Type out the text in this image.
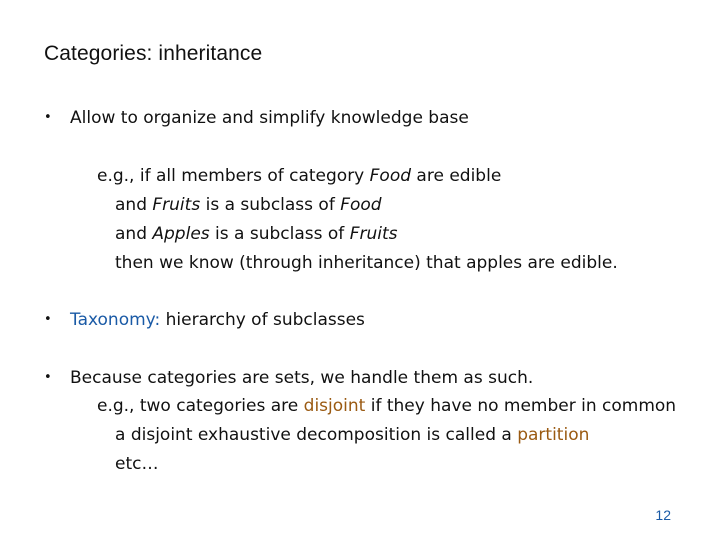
Categories: inheritance
• Allow to organize and simplify knowledge base
e.g., if all members of category Food are edible
and Fruits is a subclass of Food
and Apples is a subclass of Fruits
then we know (through inheritance) that apples are edible.
• Taxonomy: hierarchy of subclasses
• Because categories are sets, we handle them as such.
e.g., two categories are disjoint if they have no member in common
a disjoint exhaustive decomposition is called a partition
etc…
12
